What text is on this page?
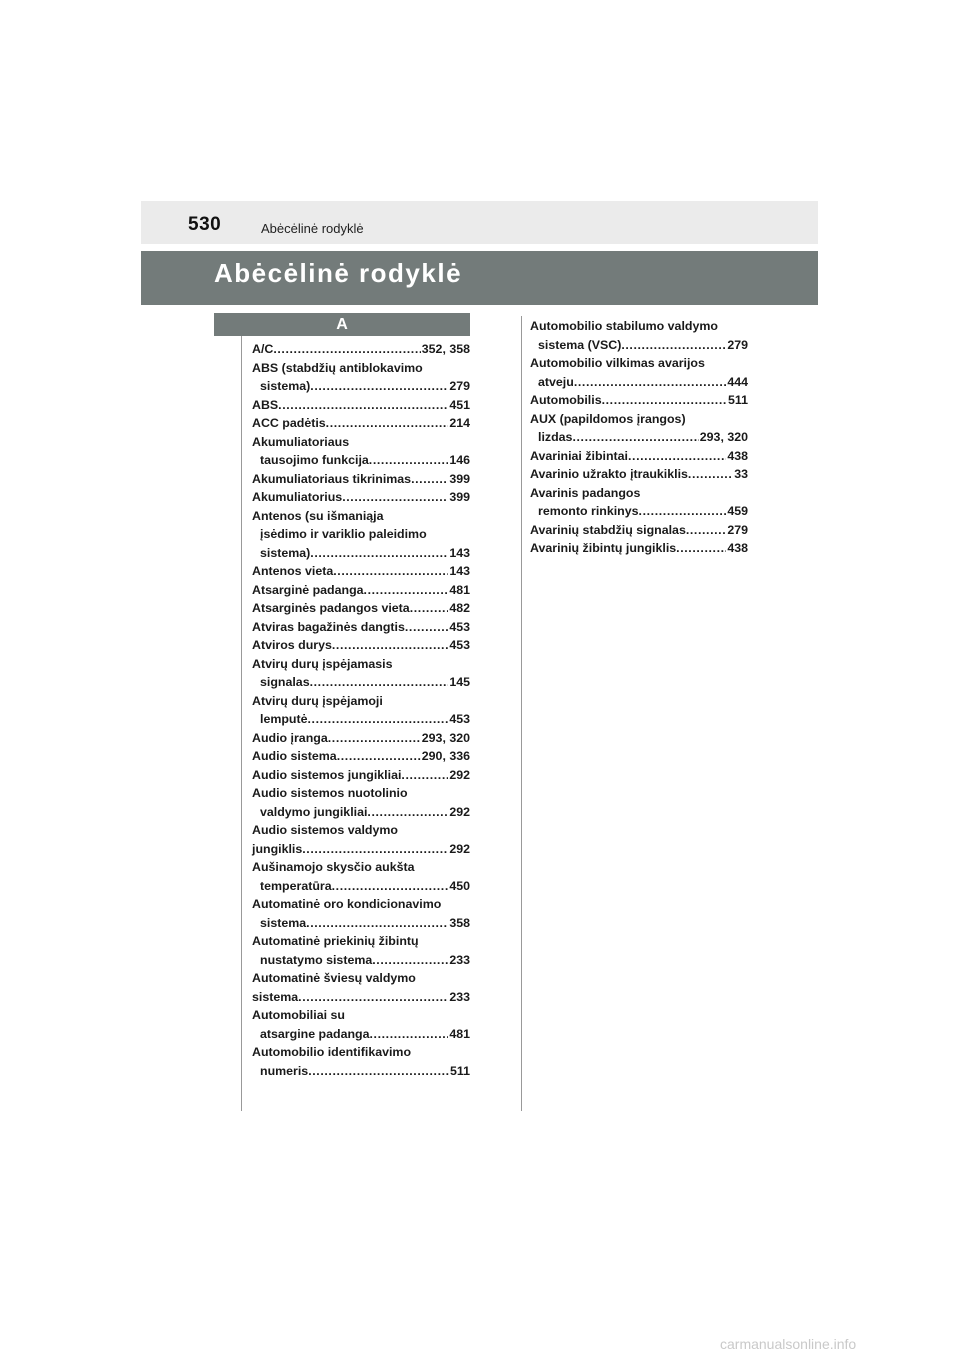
530	Abėcėlinė rodyklė
Abėcėlinė rodyklė
A
A/C .....	352, 358
ABS (stabdžių antiblokavimo
sistema) .....	279
ABS .....	451
ACC padėtis .....	214
Akumuliatoriaus
tausojimo funkcija .....	146
Akumuliatoriaus tikrinimas .....	399
Akumuliatorius .....	399
Antenos (su išmaniąja
įsėdimo ir variklio paleidimo
sistema) .....	143
Antenos vieta .....	143
Atsarginė padanga .....	481
Atsarginės padangos vieta .....	482
Atviras bagažinės dangtis .....	453
Atviros durys .....	453
Atvirų durų įspėjamasis
signalas .....	145
Atvirų durų įspėjamoji
lemputė .....	453
Audio įranga .....	293, 320
Audio sistema .....	290, 336
Audio sistemos jungikliai .....	292
Audio sistemos nuotolinio
valdymo jungikliai .....	292
Audio sistemos valdymo
jungiklis .....	292
Aušinamojo skysčio aukšta
temperatūra .....	450
Automatinė oro kondicionavimo
sistema .....	358
Automatinė priekinių žibintų
nustatymo sistema .....	233
Automatinė šviesų valdymo
sistema .....	233
Automobiliai su
atsargine padanga .....	481
Automobilio identifikavimo
numeris .....	511
Automobilio stabilumo valdymo
sistema (VSC) .....	279
Automobilio vilkimas avarijos
atveju .....	444
Automobilis .....	511
AUX (papildomos įrangos)
lizdas .....	293, 320
Avariniai žibintai .....	438
Avarinio užrakto įtraukiklis .....	33
Avarinis padangos
remonto rinkinys .....	459
Avarinių stabdžių signalas .....	279
Avarinių žibintų jungiklis .....	438
carmanualsonline.info
